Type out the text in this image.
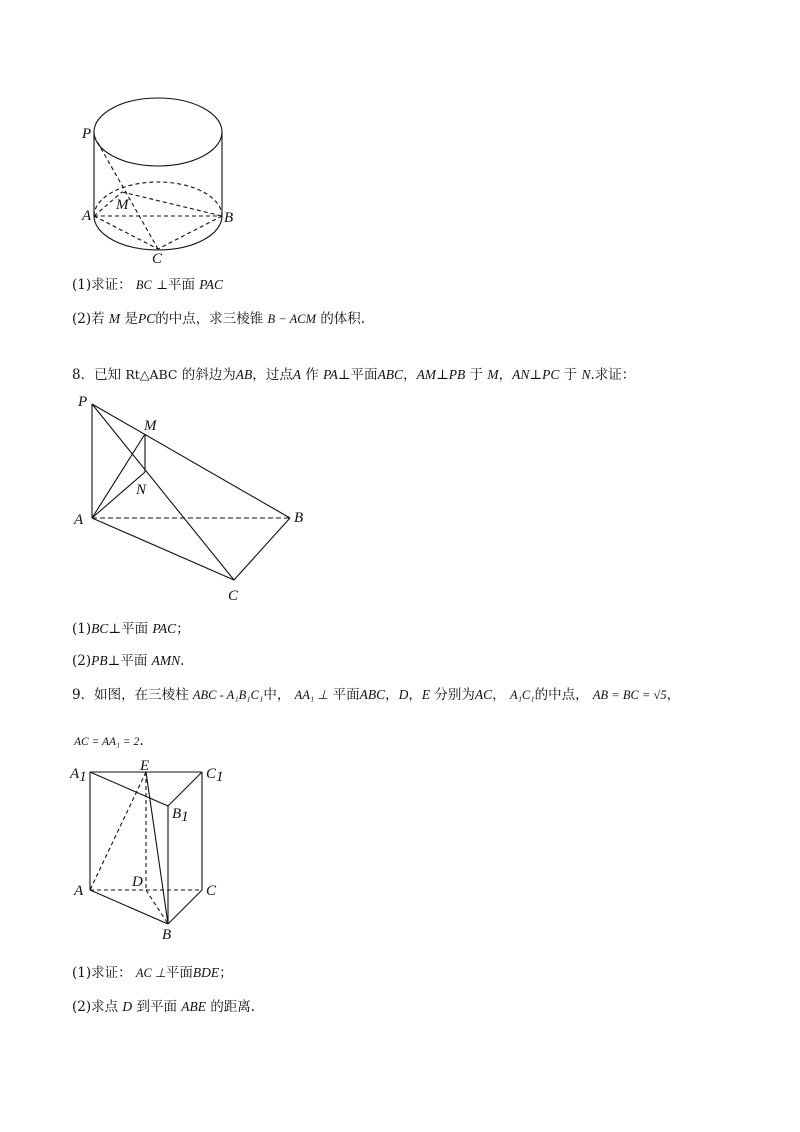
P
M
A	B
C
(1)求证： BC ⊥平面 PAC
(2)若 M 是PC的中点，求三棱锥 B − ACM 的体积.
8．已知 Rt△ABC 的斜边为AB，过点A 作 PA⊥平面ABC，AM⊥PB 于 M，AN⊥PC 于 N.求证：
P
M
N
A	B
C
(1)BC⊥平面 PAC；
(2)PB⊥平面 AMN.
9．如图，在三棱柱 ABC - A₁B₁C₁中， AA₁ ⊥ 平面ABC，D，E 分别为AC， A₁C₁的中点， AB = BC = √5，
AC = AA₁ = 2.
A1
E	C1
B1
D
A	C
B
(1)求证： AC ⊥平面BDE；
(2)求点 D 到平面 ABE 的距离.
